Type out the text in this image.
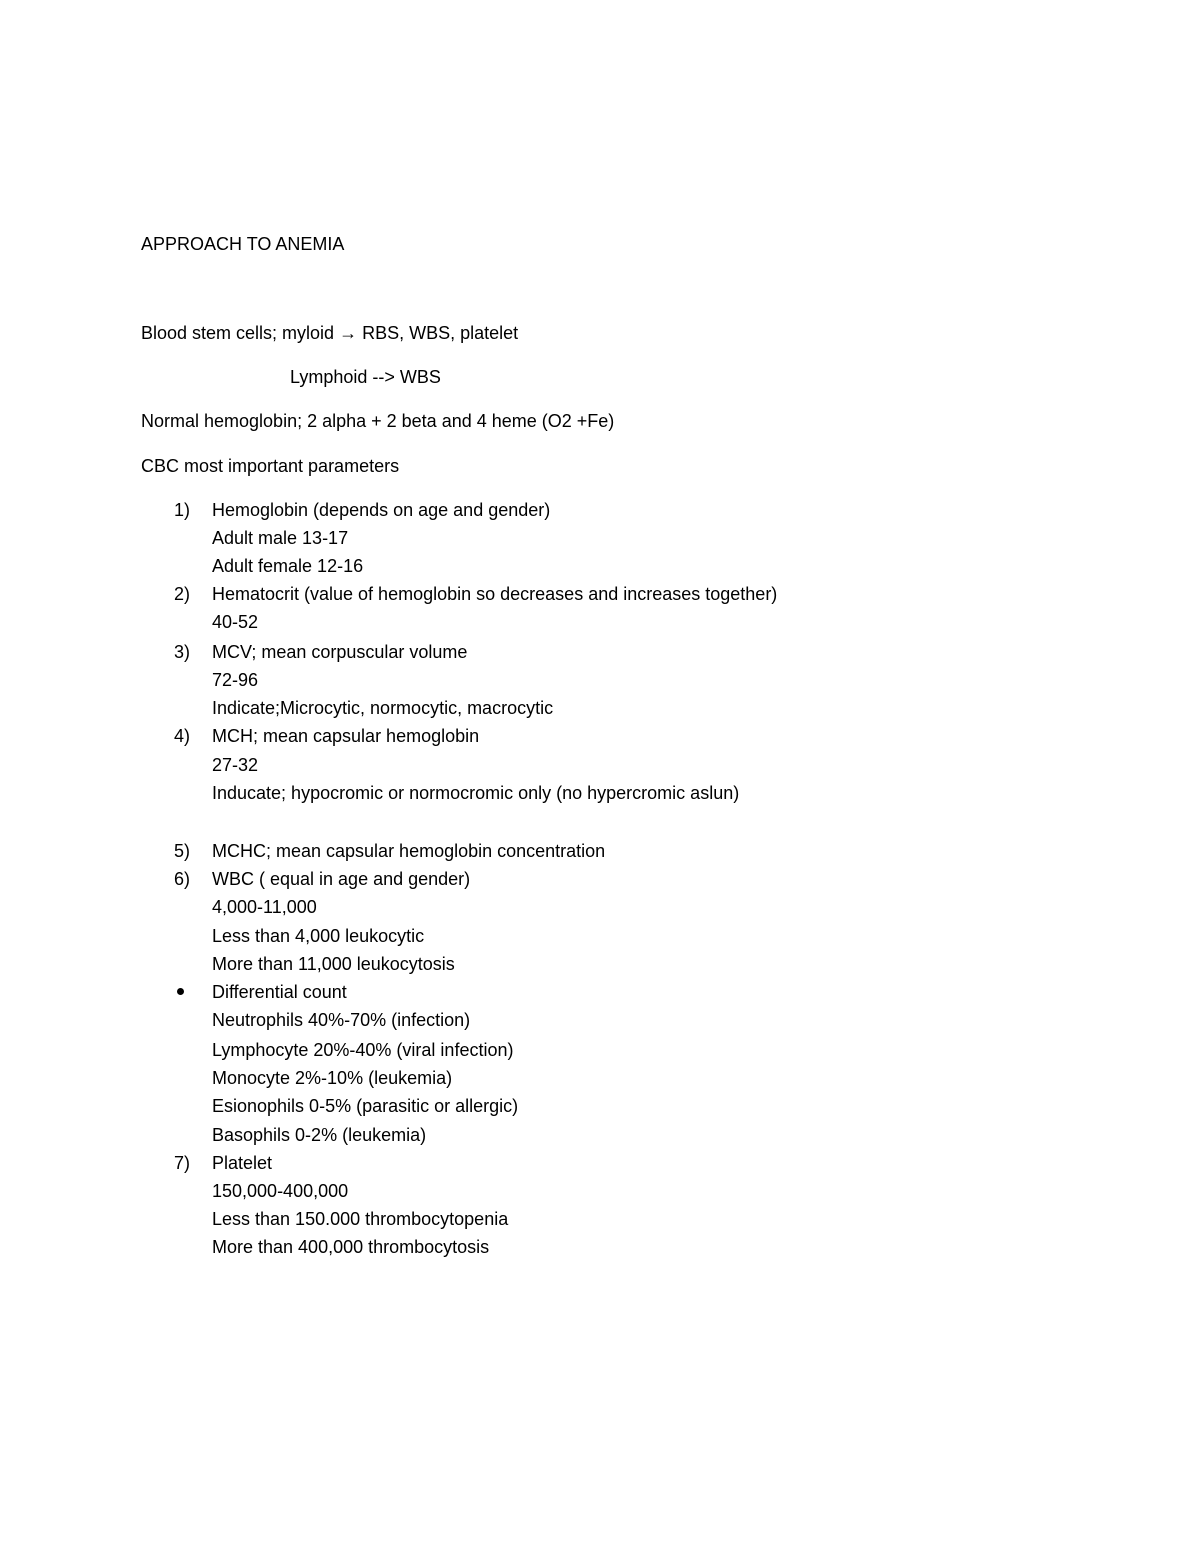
APPROACH TO ANEMIA
Blood stem cells; myloid → RBS, WBS, platelet
Lymphoid --> WBS
Normal hemoglobin; 2 alpha + 2 beta and 4 heme (O2 +Fe)
CBC most important parameters
1) Hemoglobin (depends on age and gender)
Adult male 13-17
Adult female 12-16
2) Hematocrit (value of hemoglobin so decreases and increases together)
40-52
3) MCV; mean corpuscular volume
72-96
Indicate;Microcytic, normocytic, macrocytic
4) MCH; mean capsular hemoglobin
27-32
Inducate; hypocromic or normocromic only (no hypercromic aslun)
5) MCHC; mean capsular hemoglobin concentration
6) WBC ( equal in age and gender)
4,000-11,000
Less than 4,000 leukocytic
More than 11,000 leukocytosis
Differential count
Neutrophils 40%-70% (infection)
Lymphocyte 20%-40% (viral infection)
Monocyte 2%-10% (leukemia)
Esionophils 0-5% (parasitic or allergic)
Basophils 0-2% (leukemia)
7) Platelet
150,000-400,000
Less than 150.000 thrombocytopenia
More than 400,000 thrombocytosis
